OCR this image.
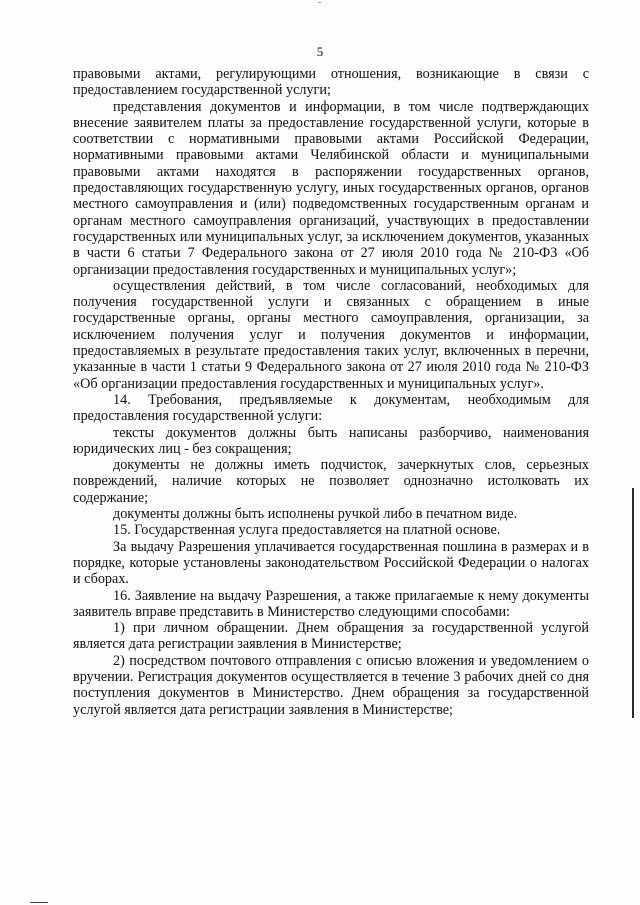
5

правовыми актами, регулирующими отношения, возникающие в связи с предоставлением государственной услуги;

представления документов и информации, в том числе подтверждающих внесение заявителем платы за предоставление государственной услуги, которые в соответствии с нормативными правовыми актами Российской Федерации, нормативными правовыми актами Челябинской области и муниципальными правовыми актами находятся в распоряжении государственных органов, предоставляющих государственную услугу, иных государственных органов, органов местного самоуправления и (или) подведомственных государственным органам и органам местного самоуправления организаций, участвующих в предоставлении государственных или муниципальных услуг, за исключением документов, указанных в части 6 статьи 7 Федерального закона от 27 июля 2010 года № 210-ФЗ «Об организации предоставления государственных и муниципальных услуг»;

осуществления действий, в том числе согласований, необходимых для получения государственной услуги и связанных с обращением в иные государственные органы, органы местного самоуправления, организации, за исключением получения услуг и получения документов и информации, предоставляемых в результате предоставления таких услуг, включенных в перечни, указанные в части 1 статьи 9 Федерального закона от 27 июля 2010 года № 210-ФЗ «Об организации предоставления государственных и муниципальных услуг».

14. Требования, предъявляемые к документам, необходимым для предоставления государственной услуги:

тексты документов должны быть написаны разборчиво, наименования юридических лиц - без сокращения;

документы не должны иметь подчисток, зачеркнутых слов, серьезных повреждений, наличие которых не позволяет однозначно истолковать их содержание;

документы должны быть исполнены ручкой либо в печатном виде.

15. Государственная услуга предоставляется на платной основе.

За выдачу Разрешения уплачивается государственная пошлина в размерах и в порядке, которые установлены законодательством Российской Федерации о налогах и сборах.

16. Заявление на выдачу Разрешения, а также прилагаемые к нему документы заявитель вправе представить в Министерство следующими способами:

1) при личном обращении. Днем обращения за государственной услугой является дата регистрации заявления в Министерстве;

2) посредством почтового отправления с описью вложения и уведомлением о вручении. Регистрация документов осуществляется в течение 3 рабочих дней со дня поступления документов в Министерство. Днем обращения за государственной услугой является дата регистрации заявления в Министерстве;
